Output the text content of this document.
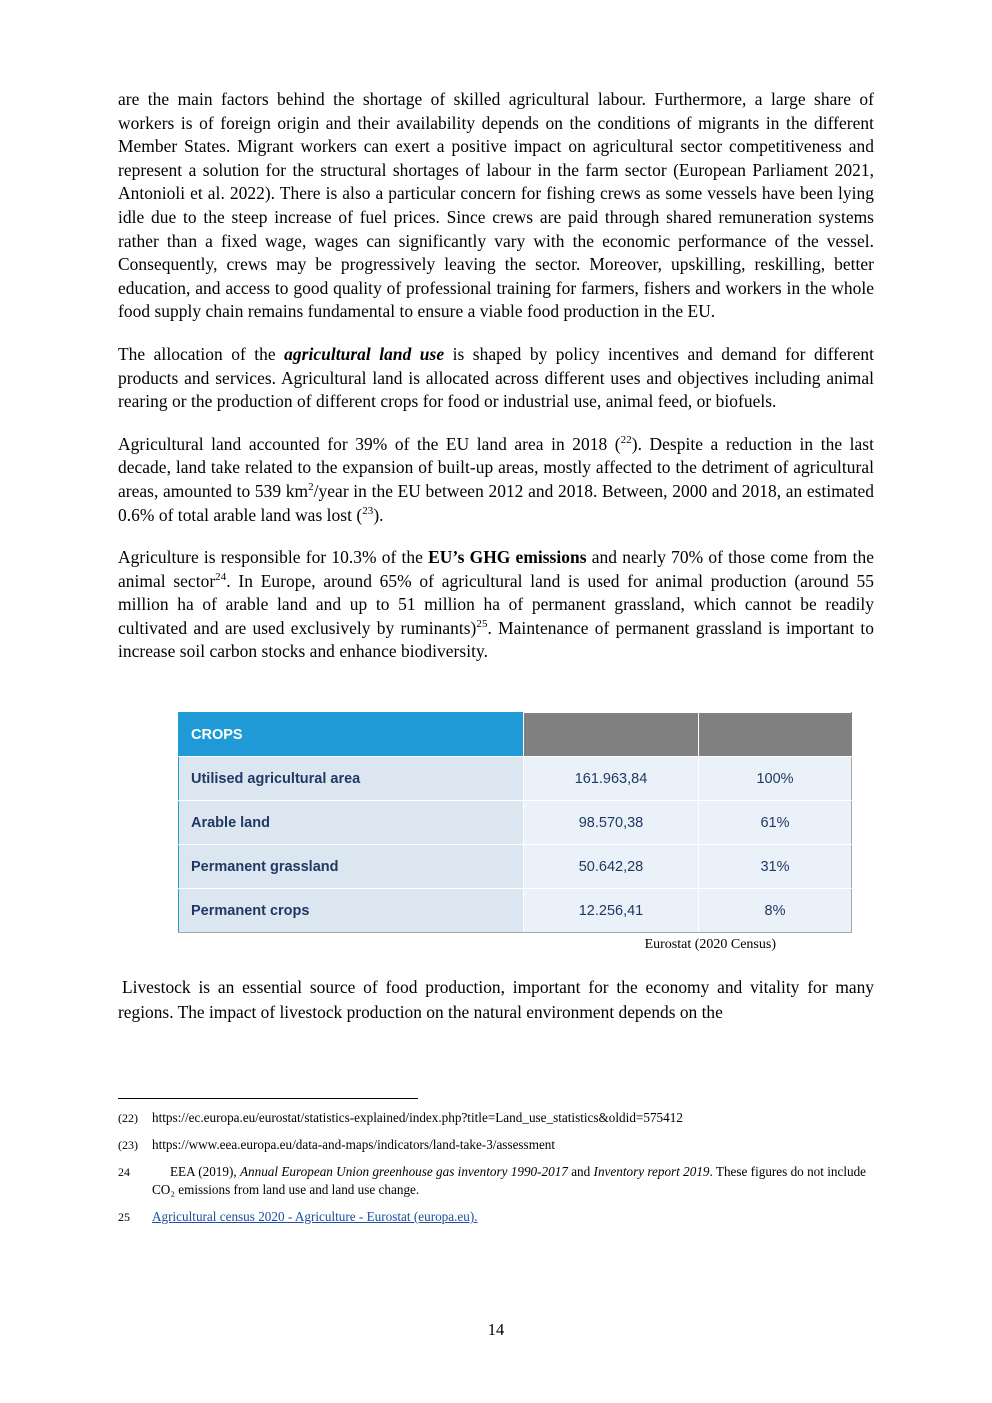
are the main factors behind the shortage of skilled agricultural labour. Furthermore, a large share of workers is of foreign origin and their availability depends on the conditions of migrants in the different Member States. Migrant workers can exert a positive impact on agricultural sector competitiveness and represent a solution for the structural shortages of labour in the farm sector (European Parliament 2021, Antonioli et al. 2022). There is also a particular concern for fishing crews as some vessels have been lying idle due to the steep increase of fuel prices. Since crews are paid through shared remuneration systems rather than a fixed wage, wages can significantly vary with the economic performance of the vessel. Consequently, crews may be progressively leaving the sector. Moreover, upskilling, reskilling, better education, and access to good quality of professional training for farmers, fishers and workers in the whole food supply chain remains fundamental to ensure a viable food production in the EU.

The allocation of the agricultural land use is shaped by policy incentives and demand for different products and services. Agricultural land is allocated across different uses and objectives including animal rearing or the production of different crops for food or industrial use, animal feed, or biofuels.

Agricultural land accounted for 39% of the EU land area in 2018 ($^{22}$). Despite a reduction in the last decade, land take related to the expansion of built-up areas, mostly affected to the detriment of agricultural areas, amounted to 539 $km^2$/year in the EU between 2012 and 2018. Between, 2000 and 2018, an estimated 0.6% of total arable land was lost ($^{23}$).

Agriculture is responsible for 10.3% of the EU’s GHG emissions and nearly 70% of those come from the animal sector$^{24}$. In Europe, around 65% of agricultural land is used for animal production (around 55 million ha of arable land and up to 51 million ha of permanent grassland, which cannot be readily cultivated and are used exclusively by ruminants)$^{25}$. Maintenance of permanent grassland is important to increase soil carbon stocks and enhance biodiversity.

CROPS		
Utilised agricultural area	161.963,84	100%
Arable land	98.570,38	61%
Permanent grassland	50.642,28	31%
Permanent crops	12.256,41	8%
Eurostat (2020 Census)

Livestock is an essential source of food production, important for the economy and vitality for many regions. The impact of livestock production on the natural environment depends on the

(22)	https://ec.europa.eu/eurostat/statistics-explained/index.php?title=Land_use_statistics&oldid=575412
(23)	https://www.eea.europa.eu/data-and-maps/indicators/land-take-3/assessment
24	EEA (2019), Annual European Union greenhouse gas inventory 1990-2017 and Inventory report 2019. These figures do not include CO₂ emissions from land use and land use change.
25	Agricultural census 2020 - Agriculture - Eurostat (europa.eu).
14
